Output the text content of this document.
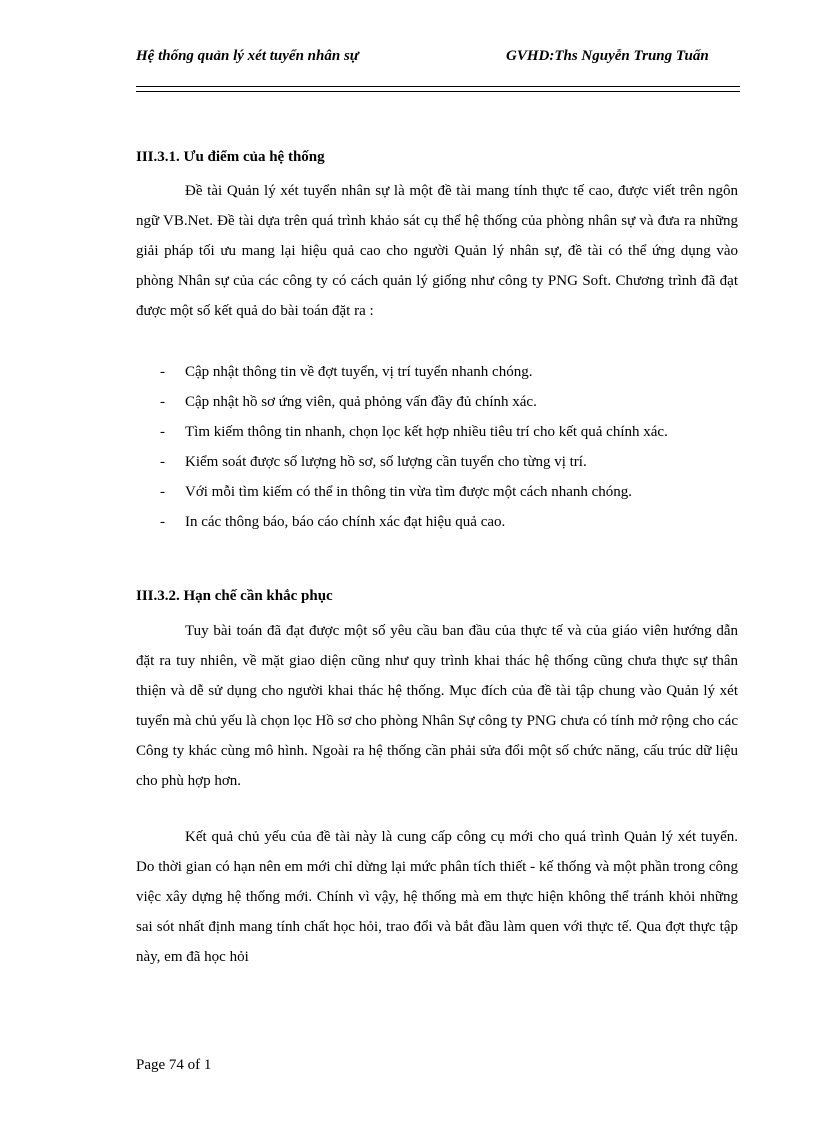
Hệ thống quản lý xét tuyển nhân sự	GVHD:Ths Nguyễn Trung Tuấn
III.3.1. Ưu điểm của hệ thống

Đề tài Quản lý xét tuyển nhân sự là một đề tài mang tính thực tế cao, được viết trên ngôn ngữ VB.Net. Đề tài dựa trên quá trình khảo sát cụ thể hệ thống của phòng nhân sự và đưa ra những giải pháp tối ưu mang lại hiệu quả cao cho người Quản lý nhân sự, đề tài có thể ứng dụng vào phòng Nhân sự của các công ty có cách quản lý giống như công ty PNG Soft. Chương trình đã đạt được một số kết quả do bài toán đặt ra :

- Cập nhật thông tin về đợt tuyển, vị trí tuyển nhanh chóng.
- Cập nhật hồ sơ ứng viên, quả phỏng vấn đầy đủ chính xác.
- Tìm kiếm thông tin nhanh, chọn lọc kết hợp nhiều tiêu trí cho kết quả chính xác.
- Kiểm soát được số lượng hồ sơ, số lượng cần tuyển cho từng vị trí.
- Với mỗi tìm kiếm có thể in thông tin vừa tìm được một cách nhanh chóng.
- In các thông báo, báo cáo chính xác đạt hiệu quả cao.
III.3.2. Hạn chế cần khắc phục

Tuy bài toán đã đạt được một số yêu cầu ban đầu của thực tế và của giáo viên hướng dẫn đặt ra tuy nhiên, về mặt giao diện cũng như quy trình khai thác hệ thống cũng chưa thực sự thân thiện và dễ sử dụng cho người khai thác hệ thống. Mục đích của đề tài tập chung vào Quản lý xét tuyển mà chủ yếu là chọn lọc Hồ sơ cho phòng Nhân Sự công ty PNG chưa có tính mở rộng cho các Công ty khác cùng mô hình. Ngoài ra hệ thống cần phải sửa đổi một số chức năng, cấu trúc dữ liệu cho phù hợp hơn.

Kết quả chủ yếu của đề tài này là cung cấp công cụ mới cho quá trình Quản lý xét tuyển. Do thời gian có hạn nên em mới chỉ dừng lại mức phân tích thiết - kế thống và một phần trong công việc xây dựng hệ thống mới. Chính vì vậy, hệ thống mà em thực hiện không thể tránh khỏi những sai sót nhất định mang tính chất học hỏi, trao đổi và bắt đầu làm quen với thực tế. Qua đợt thực tập này, em đã học hỏi

Page 74 of 1
